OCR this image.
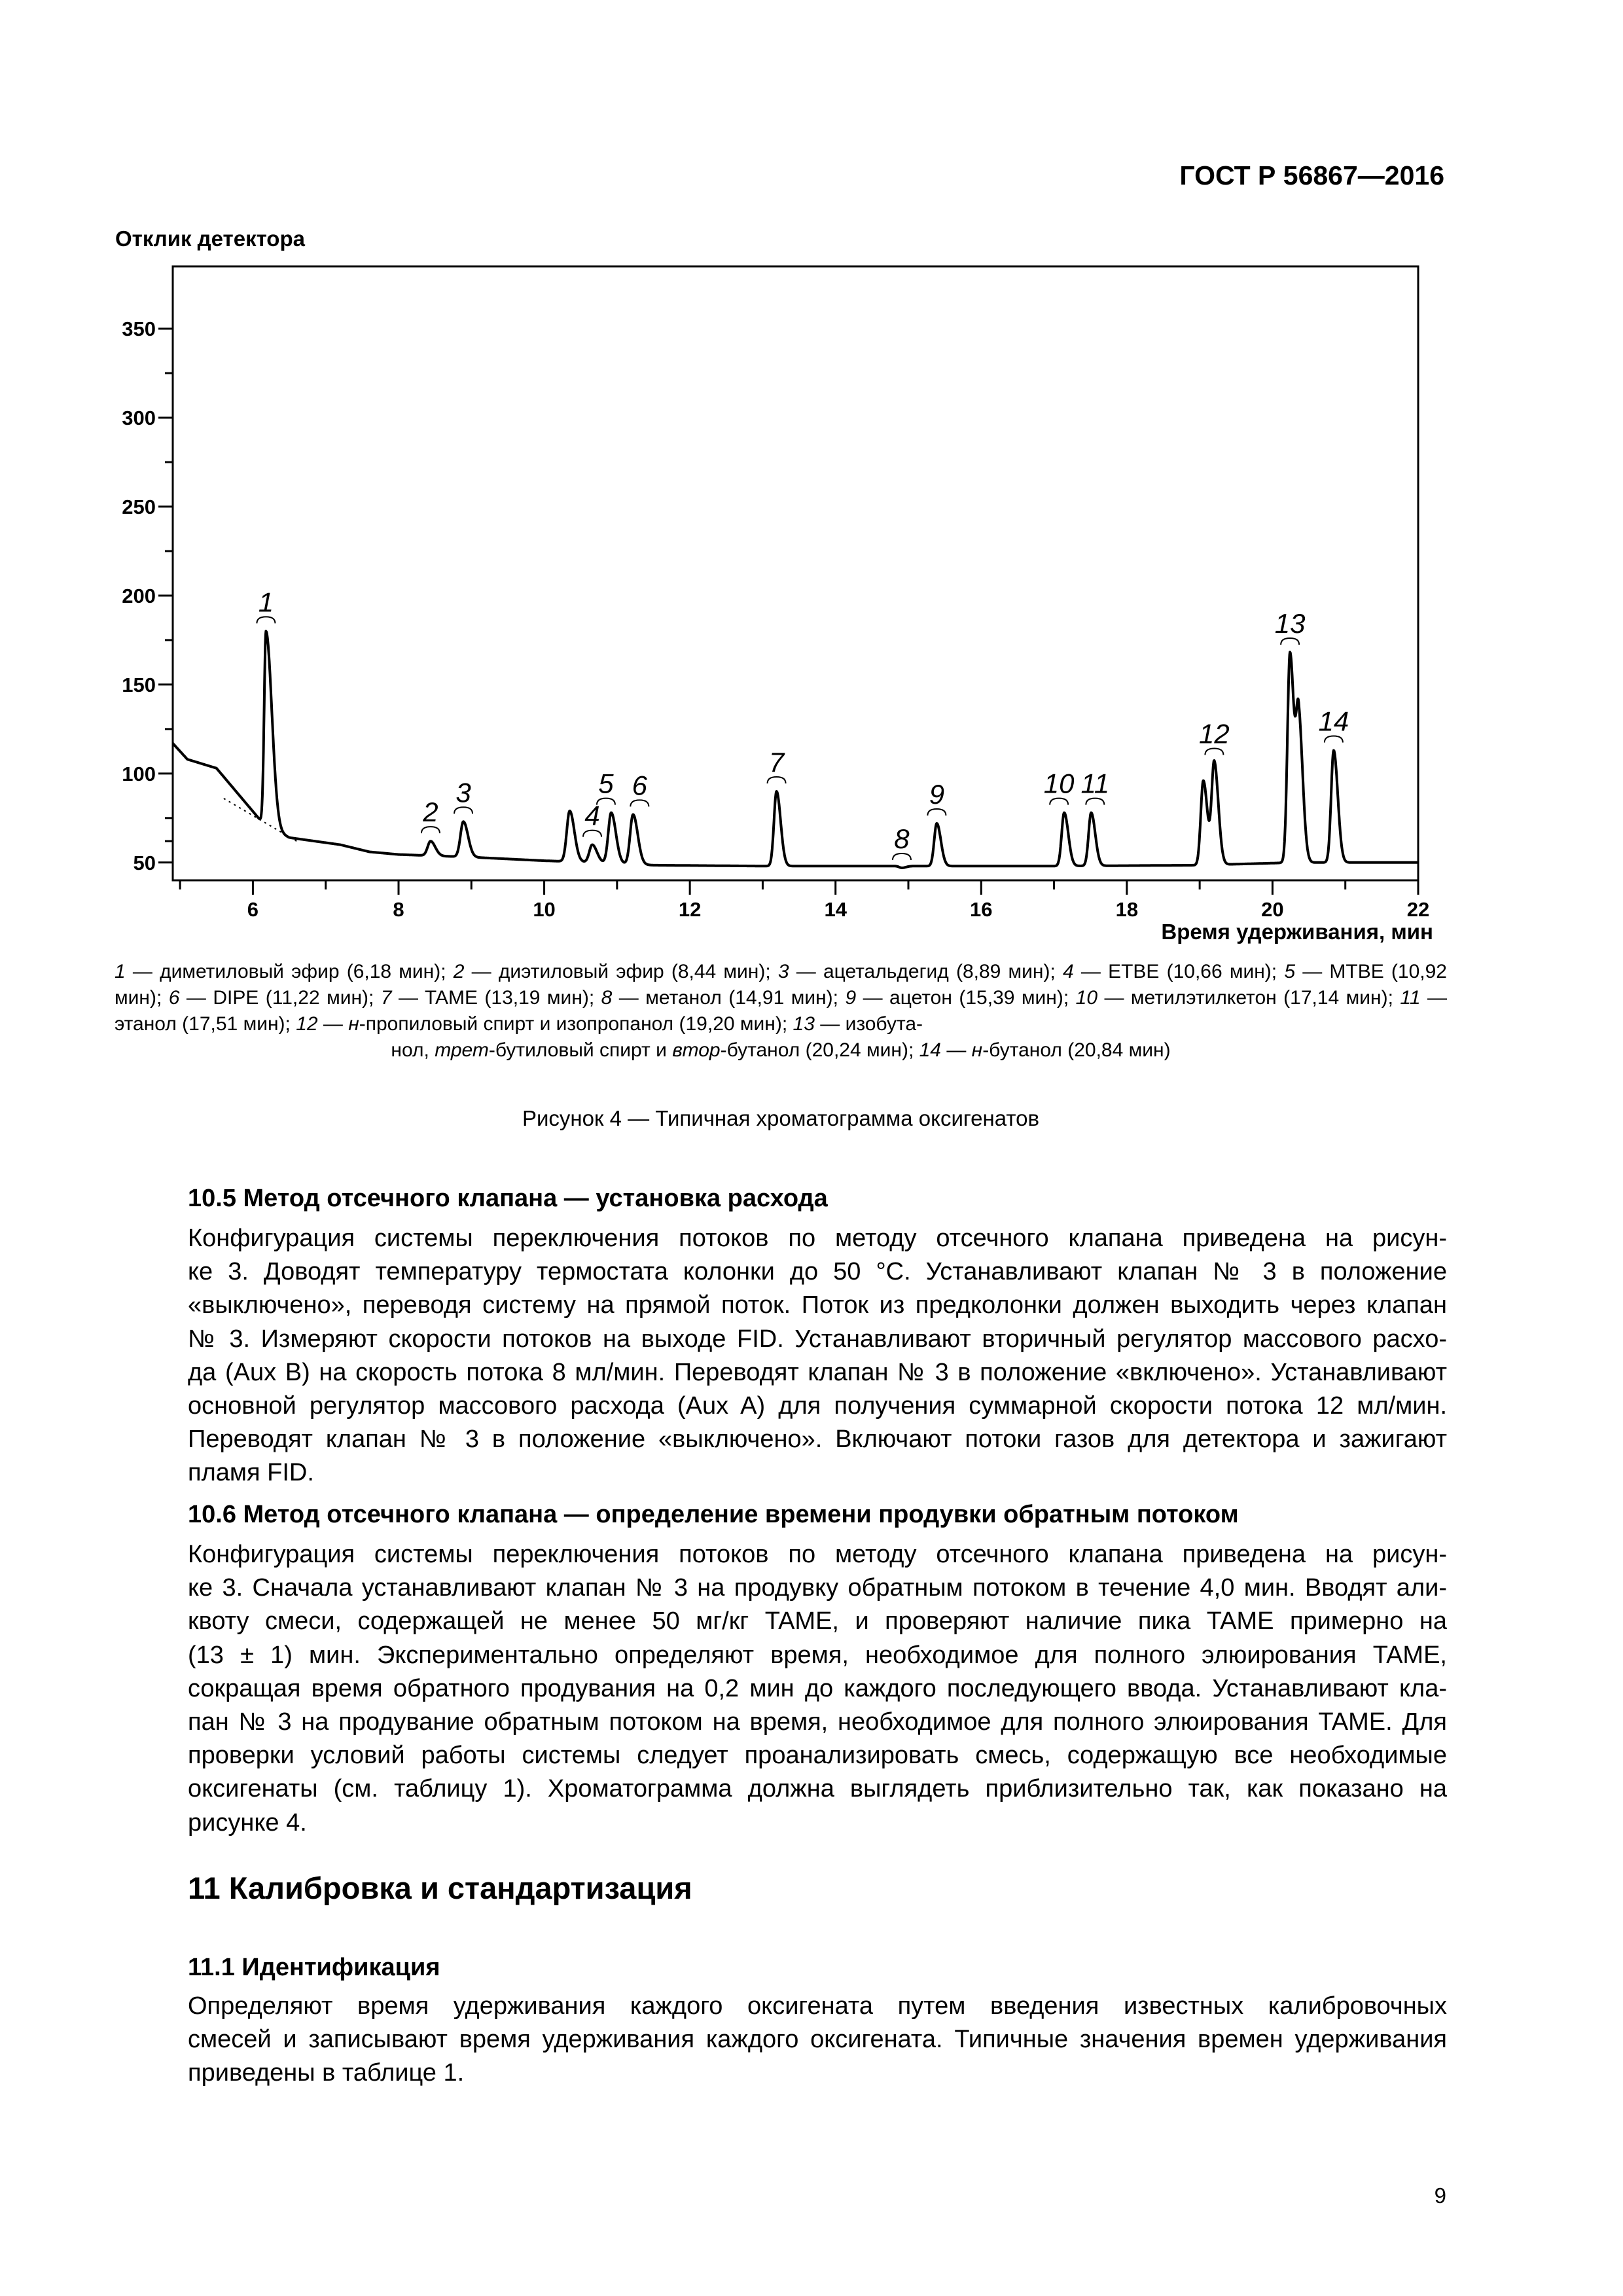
ГОСТ Р 56867—2016
Отклик детектора
50
100
150
200
250
300
350
6	8	10	12	14	16	18	20	22
1
2
3
4
5 6
7
8
9	10 11
12
13
14
Время удерживания, мин
1 — диметиловый эфир (6,18 мин); 2 — диэтиловый эфир (8,44 мин); 3 — ацетальдегид (8,89 мин); 4 — ETBE (10,66 мин); 5 — MTBE (10,92 мин); 6 — DIPE (11,22 мин); 7 — TAME (13,19 мин); 8 — метанол (14,91 мин); 9 — ацетон (15,39 мин); 10 — метилэтилкетон (17,14 мин); 11 — этанол (17,51 мин); 12 — н-пропиловый спирт и изопропанол (19,20 мин); 13 — изобута-
нол, трет-бутиловый спирт и втор-бутанол (20,24 мин); 14 — н-бутанол (20,84 мин)
Рисунок 4 — Типичная хроматограмма оксигенатов
10.5 Метод отсечного клапана — установка расхода
Конфигурация системы переключения потоков по методу отсечного клапана приведена на рисун-
ке 3. Доводят температуру термостата колонки до 50 °C. Устанавливают клапан № 3 в положение
«выключено», переводя систему на прямой поток. Поток из предколонки должен выходить через клапан
№ 3. Измеряют скорости потоков на выходе FID. Устанавливают вторичный регулятор массового расхо-
да (Aux B) на скорость потока 8 мл/мин. Переводят клапан № 3 в положение «включено». Устанавливают
основной регулятор массового расхода (Aux A) для получения суммарной скорости потока 12 мл/мин.
Переводят клапан № 3 в положение «выключено». Включают потоки газов для детектора и зажигают
пламя FID.
10.6 Метод отсечного клапана — определение времени продувки обратным потоком
Конфигурация системы переключения потоков по методу отсечного клапана приведена на рисун-
ке 3. Сначала устанавливают клапан № 3 на продувку обратным потоком в течение 4,0 мин. Вводят али-
квоту смеси, содержащей не менее 50 мг/кг TAME, и проверяют наличие пика TAME примерно на
(13 ± 1) мин. Экспериментально определяют время, необходимое для полного элюирования TAME,
сокращая время обратного продувания на 0,2 мин до каждого последующего ввода. Устанавливают кла-
пан № 3 на продувание обратным потоком на время, необходимое для полного элюирования TAME. Для
проверки условий работы системы следует проанализировать смесь, содержащую все необходимые
оксигенаты (см. таблицу 1). Хроматограмма должна выглядеть приблизительно так, как показано на
рисунке 4.
11 Калибровка и стандартизация
11.1 Идентификация
Определяют время удерживания каждого оксигената путем введения известных калибровочных
смесей и записывают время удерживания каждого оксигената. Типичные значения времен удерживания
приведены в таблице 1.
9
